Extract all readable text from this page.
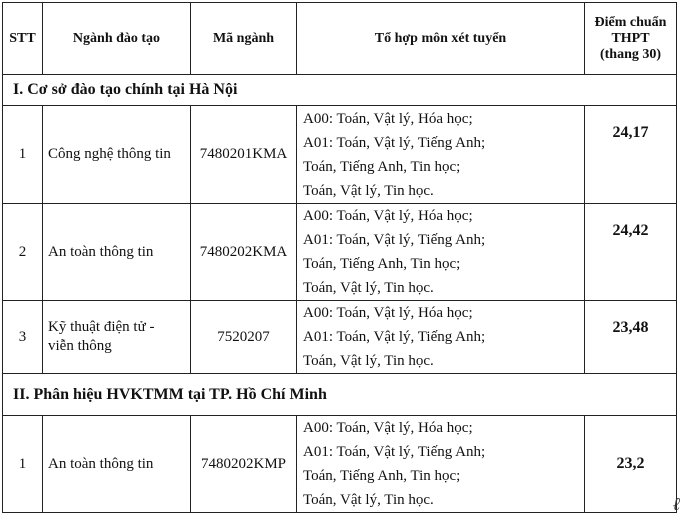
STT	Ngành đào tạo	Mã ngành	Tổ hợp môn xét tuyển	Điểm chuẩn
THPT
(thang 30)
I. Cơ sở đào tạo chính tại Hà Nội				
1	Công nghệ thông tin	7480201KMA	A00: Toán, Vật lý, Hóa học;
A01: Toán, Vật lý, Tiếng Anh;
Toán, Tiếng Anh, Tin học;
Toán, Vật lý, Tin học.	24,17
2	An toàn thông tin	7480202KMA	A00: Toán, Vật lý, Hóa học;
A01: Toán, Vật lý, Tiếng Anh;
Toán, Tiếng Anh, Tin học;
Toán, Vật lý, Tin học.	24,42
3	Kỹ thuật điện tử - viễn thông	7520207	A00: Toán, Vật lý, Hóa học;
A01: Toán, Vật lý, Tiếng Anh;
Toán, Vật lý, Tin học.	23,48
II. Phân hiệu HVKTMM tại TP. Hồ Chí Minh				
1	An toàn thông tin	7480202KMP	A00: Toán, Vật lý, Hóa học;
A01: Toán, Vật lý, Tiếng Anh;
Toán, Tiếng Anh, Tin học;
Toán, Vật lý, Tin học.	23,2
ℓ
